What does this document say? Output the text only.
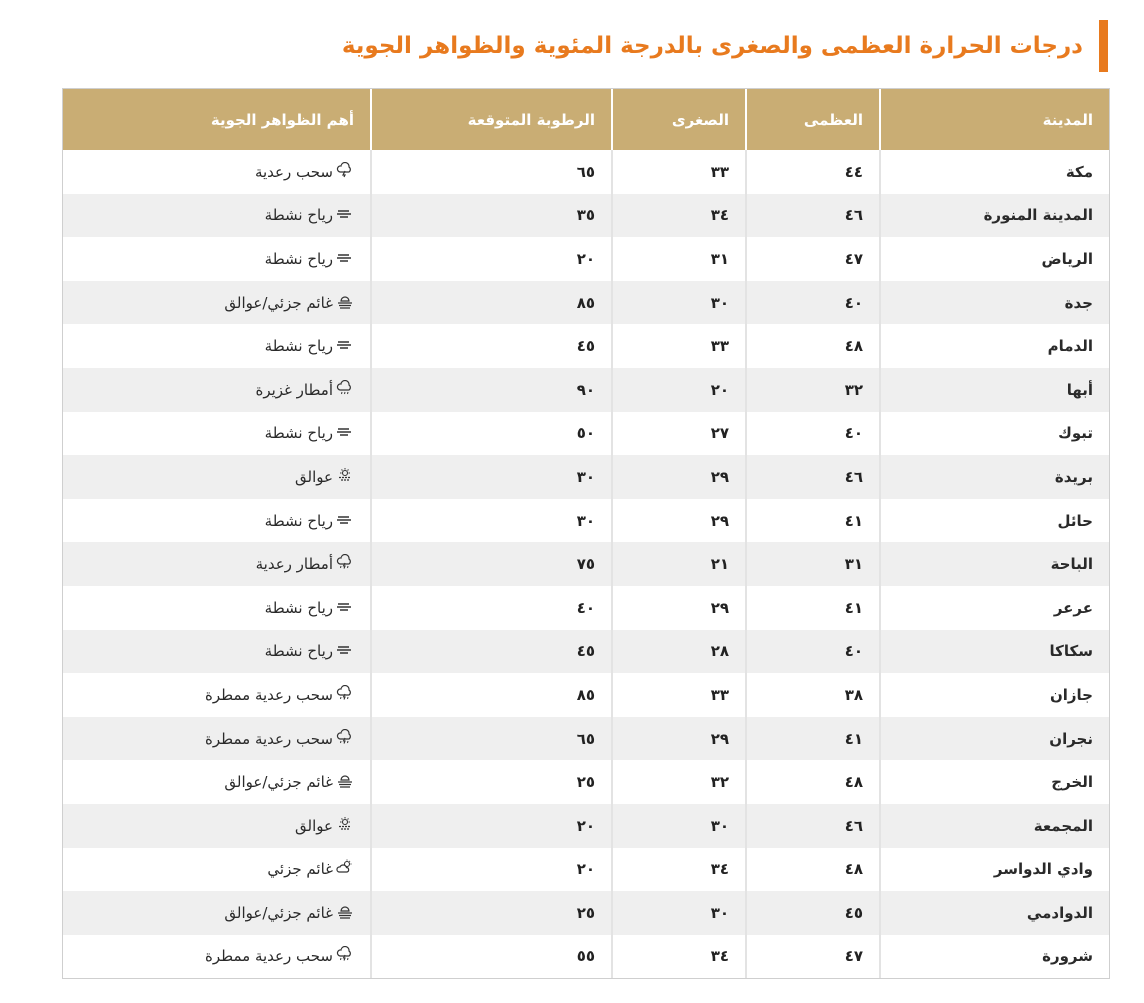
درجات الحرارة العظمى والصغرى بالدرجة المئوية والظواهر الجوية
المدينة	العظمى	الصغرى	الرطوبة المتوقعة	أهم الظواهر الجوية
مكة	٤٤	٣٣	٦٥	سحب رعدية

المدينة المنورة	٤٦	٣٤	٣٥	رياح نشطة

الرياض	٤٧	٣١	٢٠	رياح نشطة

جدة	٤٠	٣٠	٨٥	غائم جزئي/عوالق

الدمام	٤٨	٣٣	٤٥	رياح نشطة

أبها	٣٢	٢٠	٩٠	أمطار غزيرة

تبوك	٤٠	٢٧	٥٠	رياح نشطة

بريدة	٤٦	٢٩	٣٠	عوالق

حائل	٤١	٢٩	٣٠	رياح نشطة

الباحة	٣١	٢١	٧٥	أمطار رعدية

عرعر	٤١	٢٩	٤٠	رياح نشطة

سكاكا	٤٠	٢٨	٤٥	رياح نشطة

جازان	٣٨	٣٣	٨٥	سحب رعدية ممطرة

نجران	٤١	٢٩	٦٥	سحب رعدية ممطرة

الخرج	٤٨	٣٢	٢٥	غائم جزئي/عوالق

المجمعة	٤٦	٣٠	٢٠	عوالق

وادي الدواسر	٤٨	٣٤	٢٠	غائم جزئي

الدوادمي	٤٥	٣٠	٢٥	غائم جزئي/عوالق

شرورة	٤٧	٣٤	٥٥	سحب رعدية ممطرة
